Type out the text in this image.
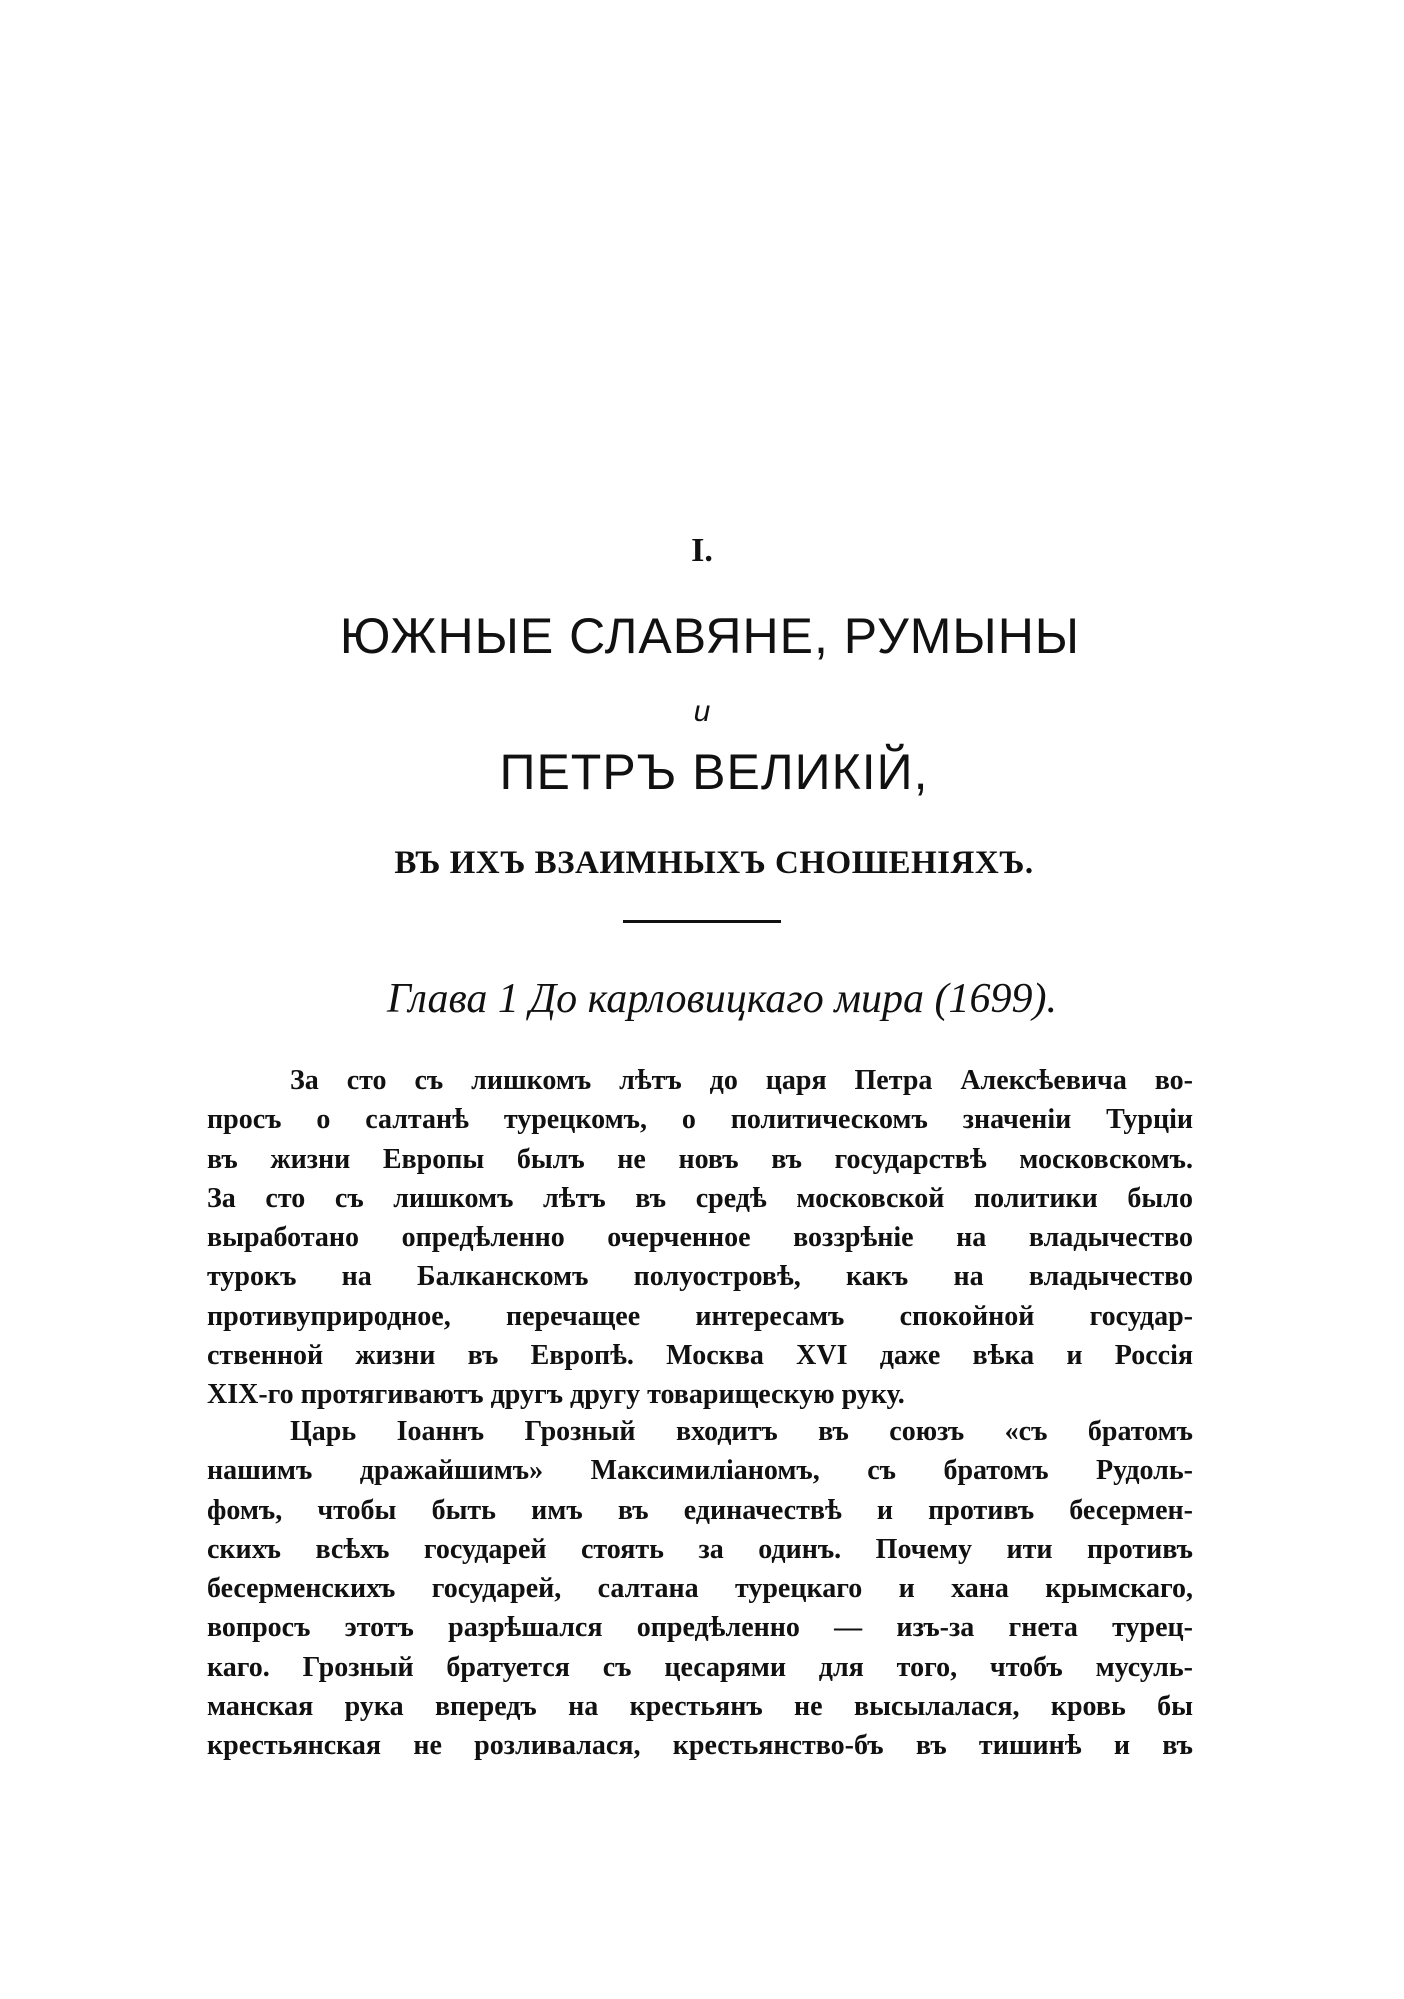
I.
ЮЖНЫЕ СЛАВЯНЕ, РУМЫНЫ
и
ПЕТРЪ ВЕЛИКІЙ,
ВЪ ИХЪ ВЗАИМНЫХЪ СНОШЕНІЯХЪ.
Глава 1 До карловицкаго мира (1699).
За сто съ лишкомъ лѣтъ до царя Петра Алексѣевича во-
просъ о салтанѣ турецкомъ, о политическомъ значеніи Турціи
въ жизни Европы былъ не новъ въ государствѣ московскомъ.
За сто съ лишкомъ лѣтъ въ средѣ московской политики было
выработано опредѣленно очерченное воззрѣніе на владычество
турокъ на Балканскомъ полуостровѣ, какъ на владычество
противуприродное, перечащее интересамъ спокойной государ-
ственной жизни въ Европѣ. Москва XVI даже вѣка и Россія
XIX-го протягиваютъ другъ другу товарищескую руку.
Царь Іоаннъ Грозный входитъ въ союзъ «съ братомъ
нашимъ дражайшимъ» Максимиліаномъ, съ братомъ Рудоль-
фомъ, чтобы быть имъ въ единачествѣ и противъ бесермен-
скихъ всѣхъ государей стоять за одинъ. Почему ити противъ
бесерменскихъ государей, салтана турецкаго и хана крымскаго,
вопросъ этотъ разрѣшался опредѣленно — изъ-за гнета турец-
каго. Грозный братуется съ цесарями для того, чтобъ мусуль-
манская рука впередъ на крестьянъ не высылалася, кровь бы
крестьянская не розливалася, крестьянство-бъ въ тишинѣ и въ
